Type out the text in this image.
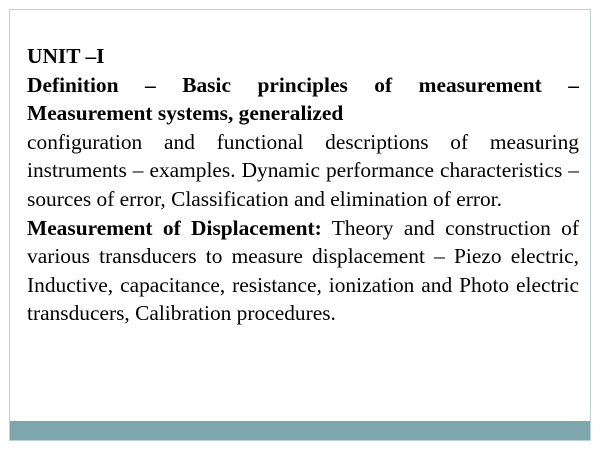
UNIT –I

Definition – Basic principles of measurement –

Measurement systems, generalized

configuration and functional descriptions of measuring instruments – examples. Dynamic performance characteristics – sources of error, Classification and elimination of error.

Measurement of Displacement: Theory and construction of various transducers to measure displacement – Piezo electric, Inductive, capacitance, resistance, ionization and Photo electric transducers, Calibration procedures.
